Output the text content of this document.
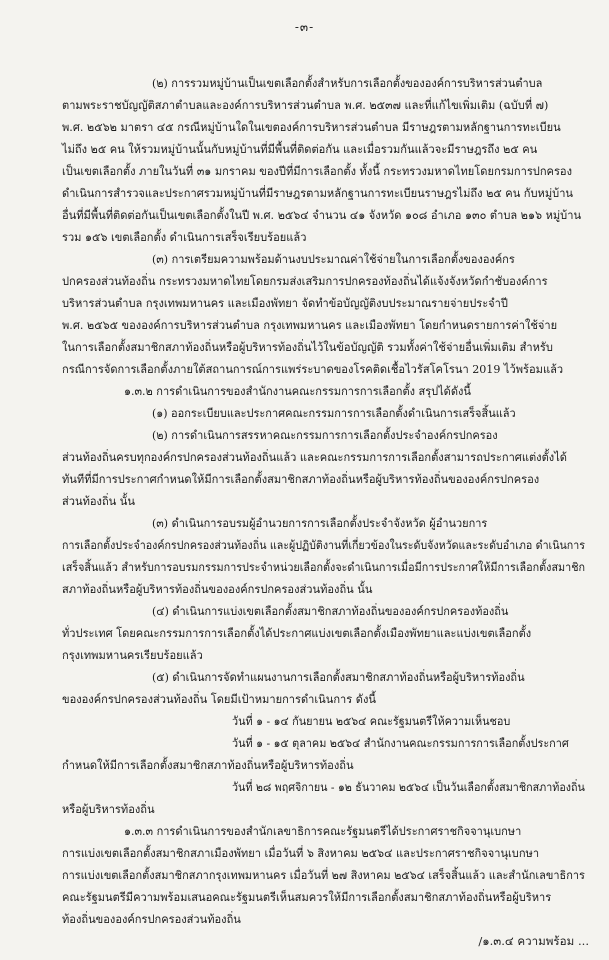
-๓-
(๒) การรวมหมู่บ้านเป็นเขตเลือกตั้งสำหรับการเลือกตั้งขององค์การบริหารส่วนตำบล
ตามพระราชบัญญัติสภาตำบลและองค์การบริหารส่วนตำบล พ.ศ. ๒๕๓๗ และที่แก้ไขเพิ่มเติม (ฉบับที่ ๗)
พ.ศ. ๒๕๖๒ มาตรา ๔๕ กรณีหมู่บ้านใดในเขตองค์การบริหารส่วนตำบล มีราษฎรตามหลักฐานการทะเบียน
ไม่ถึง ๒๕ คน ให้รวมหมู่บ้านนั้นกับหมู่บ้านที่มีพื้นที่ติดต่อกัน และเมื่อรวมกันแล้วจะมีราษฎรถึง ๒๕ คน
เป็นเขตเลือกตั้ง ภายในวันที่ ๓๑ มกราคม ของปีที่มีการเลือกตั้ง ทั้งนี้ กระทรวงมหาดไทยโดยกรมการปกครอง
ดำเนินการสำรวจและประกาศรวมหมู่บ้านที่มีราษฎรตามหลักฐานการทะเบียนราษฎรไม่ถึง ๒๕ คน กับหมู่บ้าน
อื่นที่มีพื้นที่ติดต่อกันเป็นเขตเลือกตั้งในปี พ.ศ. ๒๕๖๔ จำนวน ๔๑ จังหวัด ๑๐๘ อำเภอ ๑๓๐ ตำบล ๒๑๖ หมู่บ้าน
รวม ๑๕๖ เขตเลือกตั้ง ดำเนินการเสร็จเรียบร้อยแล้ว
(๓) การเตรียมความพร้อมด้านงบประมาณค่าใช้จ่ายในการเลือกตั้งขององค์กร
ปกครองส่วนท้องถิ่น กระทรวงมหาดไทยโดยกรมส่งเสริมการปกครองท้องถิ่นได้แจ้งจังหวัดกำชับองค์การ
บริหารส่วนตำบล กรุงเทพมหานคร และเมืองพัทยา จัดทำข้อบัญญัติงบประมาณรายจ่ายประจำปี
พ.ศ. ๒๕๖๕ ขององค์การบริหารส่วนตำบล กรุงเทพมหานคร และเมืองพัทยา โดยกำหนดรายการค่าใช้จ่าย
ในการเลือกตั้งสมาชิกสภาท้องถิ่นหรือผู้บริหารท้องถิ่นไว้ในข้อบัญญัติ รวมทั้งค่าใช้จ่ายอื่นเพิ่มเติม สำหรับ
กรณีการจัดการเลือกตั้งภายใต้สถานการณ์การแพร่ระบาดของโรคติดเชื้อไวรัสโคโรนา 2019 ไว้พร้อมแล้ว
๑.๓.๒ การดำเนินการของสำนักงานคณะกรรมการการเลือกตั้ง สรุปได้ดังนี้
(๑) ออกระเบียบและประกาศคณะกรรมการการเลือกตั้งดำเนินการเสร็จสิ้นแล้ว
(๒) การดำเนินการสรรหาคณะกรรมการการเลือกตั้งประจำองค์กรปกครอง
ส่วนท้องถิ่นครบทุกองค์กรปกครองส่วนท้องถิ่นแล้ว และคณะกรรมการการเลือกตั้งสามารถประกาศแต่งตั้งได้
ทันทีที่มีการประกาศกำหนดให้มีการเลือกตั้งสมาชิกสภาท้องถิ่นหรือผู้บริหารท้องถิ่นขององค์กรปกครอง
ส่วนท้องถิ่น นั้น
(๓) ดำเนินการอบรมผู้อำนวยการการเลือกตั้งประจำจังหวัด ผู้อำนวยการ
การเลือกตั้งประจำองค์กรปกครองส่วนท้องถิ่น และผู้ปฏิบัติงานที่เกี่ยวข้องในระดับจังหวัดและระดับอำเภอ ดำเนินการ
เสร็จสิ้นแล้ว สำหรับการอบรมกรรมการประจำหน่วยเลือกตั้งจะดำเนินการเมื่อมีการประกาศให้มีการเลือกตั้งสมาชิก
สภาท้องถิ่นหรือผู้บริหารท้องถิ่นขององค์กรปกครองส่วนท้องถิ่น นั้น
(๔) ดำเนินการแบ่งเขตเลือกตั้งสมาชิกสภาท้องถิ่นขององค์กรปกครองท้องถิ่น
ทั่วประเทศ โดยคณะกรรมการการเลือกตั้งได้ประกาศแบ่งเขตเลือกตั้งเมืองพัทยาและแบ่งเขตเลือกตั้ง
กรุงเทพมหานครเรียบร้อยแล้ว
(๕) ดำเนินการจัดทำแผนงานการเลือกตั้งสมาชิกสภาท้องถิ่นหรือผู้บริหารท้องถิ่น
ขององค์กรปกครองส่วนท้องถิ่น โดยมีเป้าหมายการดำเนินการ ดังนี้
วันที่ ๑ - ๑๔ กันยายน ๒๕๖๔ คณะรัฐมนตรีให้ความเห็นชอบ
วันที่ ๑ - ๑๕ ตุลาคม ๒๕๖๔ สำนักงานคณะกรรมการการเลือกตั้งประกาศ
กำหนดให้มีการเลือกตั้งสมาชิกสภาท้องถิ่นหรือผู้บริหารท้องถิ่น
วันที่ ๒๘ พฤศจิกายน - ๑๒ ธันวาคม ๒๕๖๔ เป็นวันเลือกตั้งสมาชิกสภาท้องถิ่น
หรือผู้บริหารท้องถิ่น
๑.๓.๓ การดำเนินการของสำนักเลขาธิการคณะรัฐมนตรีได้ประกาศราชกิจจานุเบกษา
การแบ่งเขตเลือกตั้งสมาชิกสภาเมืองพัทยา เมื่อวันที่ ๖ สิงหาคม ๒๕๖๔ และประกาศราชกิจจานุเบกษา
การแบ่งเขตเลือกตั้งสมาชิกสภากรุงเทพมหานคร เมื่อวันที่ ๒๗ สิงหาคม ๒๕๖๔ เสร็จสิ้นแล้ว และสำนักเลขาธิการ
คณะรัฐมนตรีมีความพร้อมเสนอคณะรัฐมนตรีเห็นสมควรให้มีการเลือกตั้งสมาชิกสภาท้องถิ่นหรือผู้บริหาร
ท้องถิ่นขององค์กรปกครองส่วนท้องถิ่น
/๑.๓.๔ ความพร้อม ...
